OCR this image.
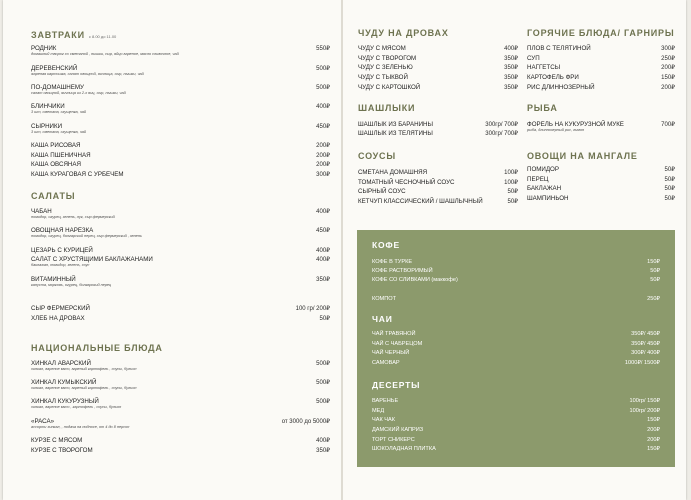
ЗАВТРАКИ с 8.00 до 11.00
РОДНИК
домашний творог со сметаной , пышки, сыр, яйцо вареное, масло сливочное, чай
550₽
ДЕРЕВЕНСКИЙ
жареная картошка, салат овощной, яичница, сыр, пышки, чай
500₽
ПО-ДОМАШНЕМУ
салат овощной, яичница из 2-х яиц, сыр, пышки, чай
500₽
БЛИНЧИКИ
3 шт, сметана, сгущенка, чай
400₽
СЫРНИКИ
3 шт, сметана, сгущенка, чай
450₽
КАША РИСОВАЯ	200₽
КАША ПШЕНИЧНАЯ	200₽
КАША ОВСЯНАЯ	200₽
КАША КУРАГОВАЯ С УРБЕЧЕМ	300₽
САЛАТЫ
ЧАБАН
помидор, огурец, зелень, лук, сыр фермерский
400₽
ОВОЩНАЯ НАРЕЗКА
помидор, огурец, болгарский перец, сыр фермерский , зелень
450₽
ЦЕЗАРЬ С КУРИЦЕЙ	400₽
САЛАТ С ХРУСТЯЩИМИ БАКЛАЖАНАМИ
баклажан, помидор, зелень, соус
400₽
ВИТАМИННЫЙ
капуста, морковь, огурец, болгарский перец
350₽
СЫР ФЕРМЕРСКИЙ	100 гр/ 200₽
ХЛЕБ НА ДРОВАХ	50₽
НАЦИОНАЛЬНЫЕ БЛЮДА
ХИНКАЛ АВАРСКИЙ
хинкал, вареное мясо, вареный картофель , соусы, бульон
500₽
ХИНКАЛ КУМЫКСКИЙ
хинкал, вареное мясо, вареный картофель , соусы, бульон
500₽
ХИНКАЛ КУКУРУЗНЫЙ
хинкал, вареное мясо , картофель , соусы, бульон
500₽
«РАСА»
ассорти хинкал, , подача на подносе, от 4 до 8 персон
от 3000 до 5000₽
КУРЗЕ С МЯСОМ	400₽
КУРЗЕ С ТВОРОГОМ	350₽
ЧУДУ НА ДРОВАХ
ЧУДУ С МЯСОМ	400₽
ЧУДУ С ТВОРОГОМ	350₽
ЧУДУ С ЗЕЛЕНЬЮ	350₽
ЧУДУ С ТЫКВОЙ	350₽
ЧУДУ С КАРТОШКОЙ	350₽
ШАШЛЫКИ
ШАШЛЫК ИЗ БАРАНИНЫ	300гр/ 700₽
ШАШЛЫК ИЗ ТЕЛЯТИНЫ	300гр/ 700₽
СОУСЫ
СМЕТАНА ДОМАШНЯЯ	100₽
ТОМАТНЫЙ ЧЕСНОЧНЫЙ СОУС	100₽
СЫРНЫЙ СОУС	50₽
КЕТЧУП КЛАССИЧЕСКИЙ / ШАШЛЫЧНЫЙ	50₽
ГОРЯЧИЕ БЛЮДА/ ГАРНИРЫ
ПЛОВ С ТЕЛЯТИНОЙ	300₽
СУП	250₽
НАГГЕТСЫ	200₽
КАРТОФЕЛЬ ФРИ	150₽
РИС ДЛИННОЗЕРНЫЙ	200₽
РЫБА
ФОРЕЛЬ НА КУКУРУЗНОЙ МУКЕ
рыба, длиннозерный рис, лимон
700₽
ОВОЩИ НА МАНГАЛЕ
ПОМИДОР	50₽
ПЕРЕЦ	50₽
БАКЛАЖАН	50₽
ШАМПИНЬОН	50₽
КОФЕ
КОФЕ В ТУРКЕ	150₽
КОФЕ РАСТВОРИМЫЙ	50₽
КОФЕ СО СЛИВКАМИ (маккофе)	50₽
КОМПОТ	250₽
ЧАИ
ЧАЙ ТРАВЯНОЙ	350₽/ 450₽
ЧАЙ С ЧАБРЕЦОМ	350₽/ 450₽
ЧАЙ ЧЕРНЫЙ	300₽/ 400₽
САМОВАР	1000₽/ 1500₽
ДЕСЕРТЫ
ВАРЕНЬЕ	100гр/ 150₽
МЕД	100гр/ 200₽
ЧАК ЧАК	150₽
ДАМСКИЙ КАПРИЗ	200₽
ТОРТ СНИКЕРС	200₽
ШОКОЛАДНАЯ ПЛИТКА	150₽
